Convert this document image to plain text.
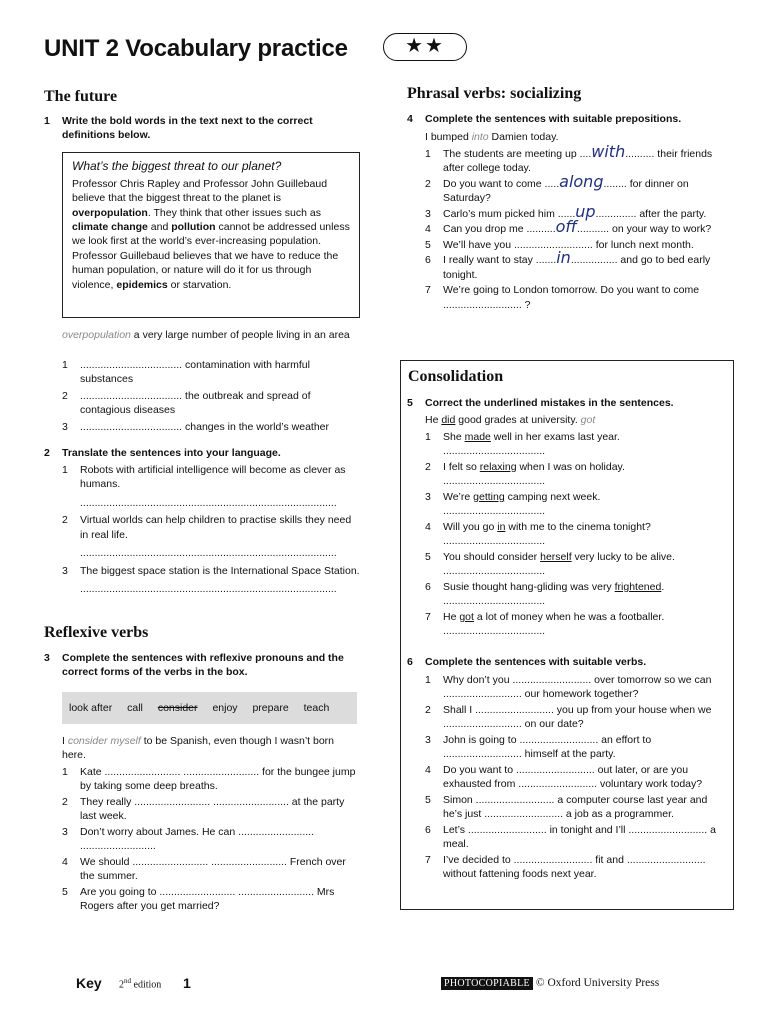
UNIT 2 Vocabulary practice	★★
The future
1	Write the bold words in the text next to the correct definitions below.
What’s the biggest threat to our planet?
Professor Chris Rapley and Professor John Guillebaud believe that the biggest threat to the planet is overpopulation. They think that other issues such as climate change and pollution cannot be addressed unless we look first at the world’s ever-increasing population. Professor Guillebaud believes that we have to reduce the human population, or nature will do it for us through violence, epidemics or starvation.
overpopulation a very large number of people living in an area
1 ................................... contamination with harmful substances
2 ................................... the outbreak and spread of contagious diseases
3 ................................... changes in the world’s weather
2	Translate the sentences into your language.
1 Robots with artificial intelligence will become as clever as humans.
........................................................................................
2 Virtual worlds can help children to practise skills they need in real life.
........................................................................................
3 The biggest space station is the International Space Station.
........................................................................................
Reflexive verbs
3	Complete the sentences with reflexive pronouns and the correct forms of the verbs in the box.
look after call consider enjoy prepare teach
I consider myself to be Spanish, even though I wasn’t born here.
1 Kate .......................... .......................... for the bungee jump by taking some deep breaths.
2 They really .......................... .......................... at the party last week.
3 Don’t worry about James. He can .......................... ..........................
4 We should .......................... .......................... French over the summer.
5 Are you going to .......................... .......................... Mrs Rogers after you get married?
Phrasal verbs: socializing
4	Complete the sentences with suitable prepositions.
I bumped into Damien today.
1 The students are meeting up ....with.......... their friends after college today.
2 Do you want to come .....along........ for dinner on Saturday?
3 Carlo’s mum picked him ......up.............. after the party.
4 Can you drop me ..........off........... on your way to work?
5 We’ll have you ........................... for lunch next month.
6 I really want to stay .......in................ and go to bed early tonight.
7 We’re going to London tomorrow. Do you want to come ........................... ?
Consolidation
5	Correct the underlined mistakes in the sentences.
He did good grades at university. got
1 She made well in her exams last year.
...................................
2 I felt so relaxing when I was on holiday.
...................................
3 We’re getting camping next week.
...................................
4 Will you go in with me to the cinema tonight?
...................................
5 You should consider herself very lucky to be alive.
...................................
6 Susie thought hang-gliding was very frightened.
...................................
7 He got a lot of money when he was a footballer.
...................................
6	Complete the sentences with suitable verbs.
1 Why don’t you ........................... over tomorrow so we can ........................... our homework together?
2 Shall I ........................... you up from your house when we ........................... on our date?
3 John is going to ........................... an effort to ........................... himself at the party.
4 Do you want to ........................... out later, or are you exhausted from ........................... voluntary work today?
5 Simon ........................... a computer course last year and he’s just ........................... a job as a programmer.
6 Let’s ........................... in tonight and I’ll ........................... a meal.
7 I’ve decided to ........................... fit and ........................... without fattening foods next year.
Key 2nd edition 1	PHOTOCOPIABLE © Oxford University Press
